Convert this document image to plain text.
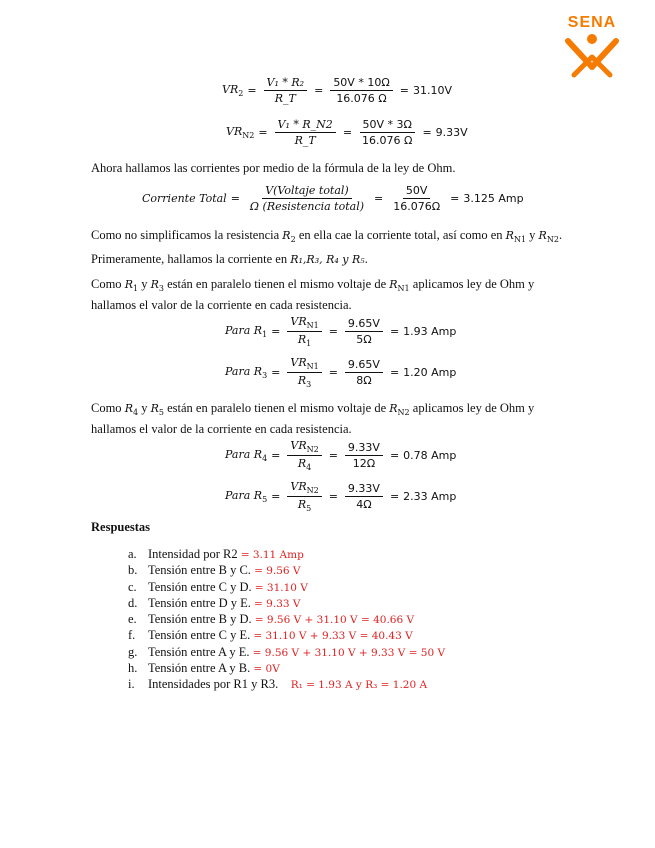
SENA
$VR_2 = \frac{\text{V₁ * R₂}}{R\_T} = \frac{50V * 10\Omega}{16.076 \Omega} = 31.10V$
$VR_{N2} = \frac{\text{V₁ * R\_N2}}{R\_T} = \frac{50V * 3\Omega}{16.076 \Omega} = 9.33V$
Ahora hallamos las corrientes por medio de la fórmula de la ley de Ohm.
Corriente Total = $\frac{\text{V(Voltaje total)}}{\text{Ω (Resistencia total)}} = \frac{50V}{16.076\Omega} = 3.125$ Amp
Como no simplificamos la resistencia $R_2$ en ella cae la corriente total, así como en $R_{N1}$ y $R_{N2}$.
Primeramente, hallamos la corriente en R₁,R₃, R₄ y R₅.
Como $R_1$ y $R_3$ están en paralelo tienen el mismo voltaje de $R_{N1}$ aplicamos ley de Ohm y hallamos el valor de la corriente en cada resistencia.
Para $R_1 = \frac{VR_{N1}}{R_1} = \frac{9.65V}{5\Omega} = 1.93$ Amp
Para $R_3 = \frac{VR_{N1}}{R_3} = \frac{9.65V}{8\Omega} = 1.20$ Amp
Como $R_4$ y $R_5$ están en paralelo tienen el mismo voltaje de $R_{N2}$ aplicamos ley de Ohm y hallamos el valor de la corriente en cada resistencia.
Para $R_4 = \frac{VR_{N2}}{R_4} = \frac{9.33V}{12\Omega} = 0.78$ Amp
Para $R_5 = \frac{VR_{N2}}{R_5} = \frac{9.33V}{4\Omega} = 2.33$ Amp
Respuestas
a. Intensidad por R2 = 3.11 Amp
b. Tensión entre B y C. = 9.56 V
c. Tensión entre C y D. = 31.10 V
d. Tensión entre D y E. = 9.33 V
e. Tensión entre B y D. = 9.56 V + 31.10 V = 40.66 V
f. Tensión entre C y E. = 31.10 V + 9.33 V = 40.43 V
g. Tensión entre A y E. = 9.56 V + 31.10 V + 9.33 V = 50 V
h. Tensión entre A y B. = 0V
i. Intensidades por R1 y R3.    R₁ = 1.93 A y R₃ = 1.20 A
